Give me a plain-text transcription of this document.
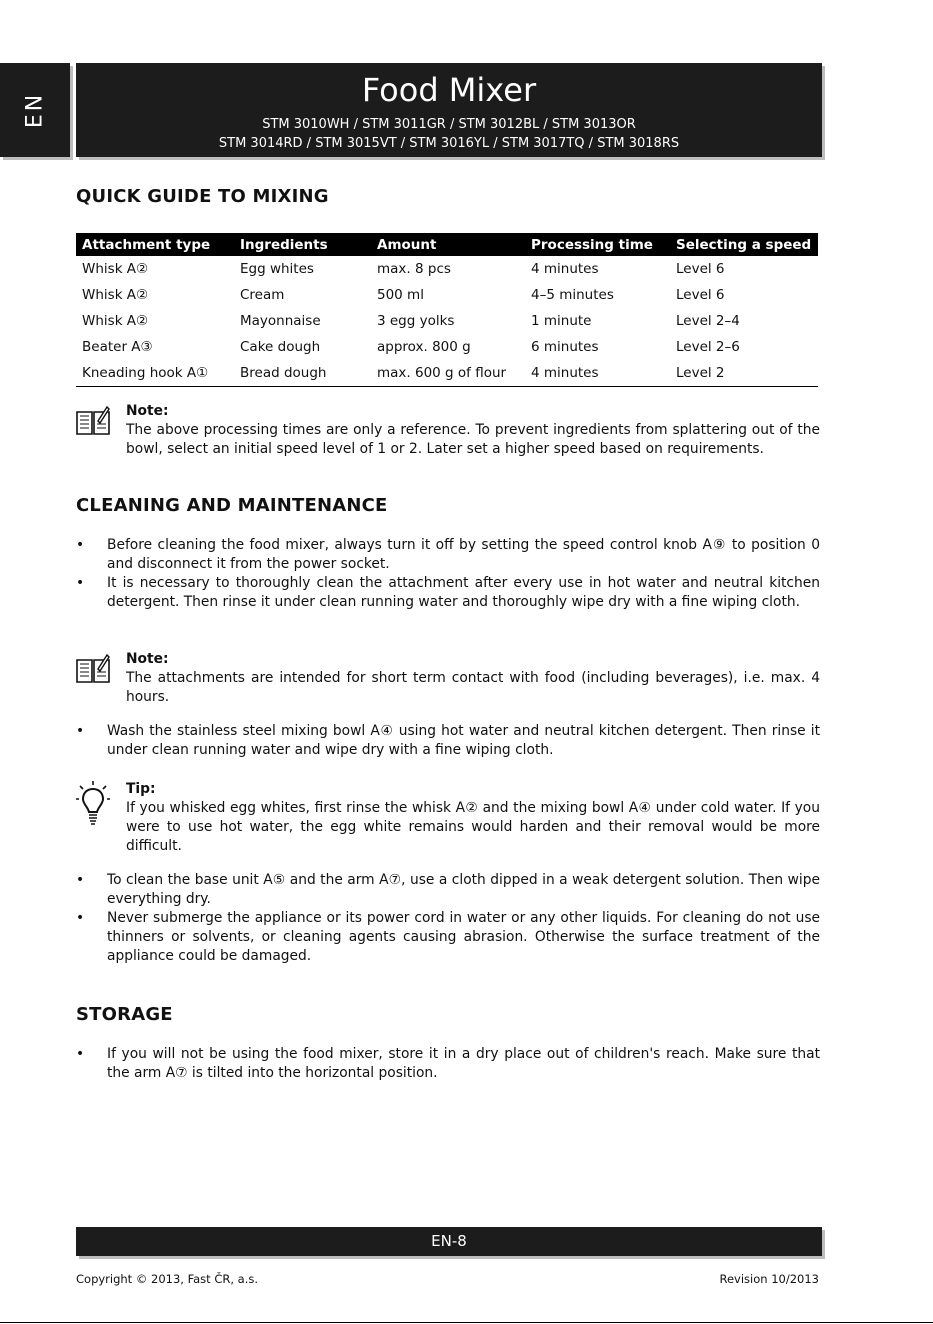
EN
Food Mixer
STM 3010WH / STM 3011GR / STM 3012BL / STM 3013OR
STM 3014RD / STM 3015VT / STM 3016YL / STM 3017TQ / STM 3018RS
QUICK GUIDE TO MIXING
Attachment type	Ingredients	Amount	Processing time	Selecting a speed
Whisk A②	Egg whites	max. 8 pcs	4 minutes	Level 6
Whisk A②	Cream	500 ml	4–5 minutes	Level 6
Whisk A②	Mayonnaise	3 egg yolks	1 minute	Level 2–4
Beater A③	Cake dough	approx. 800 g	6 minutes	Level 2–6
Kneading hook A①	Bread dough	max. 600 g of flour	4 minutes	Level 2
Note:
The above processing times are only a reference. To prevent ingredients from splattering out of the bowl, select an initial speed level of 1 or 2. Later set a higher speed based on requirements.
CLEANING AND MAINTENANCE
• Before cleaning the food mixer, always turn it off by setting the speed control knob A⑨ to position 0 and disconnect it from the power socket.
• It is necessary to thoroughly clean the attachment after every use in hot water and neutral kitchen detergent. Then rinse it under clean running water and thoroughly wipe dry with a fine wiping cloth.
Note:
The attachments are intended for short term contact with food (including beverages), i.e. max. 4 hours.
• Wash the stainless steel mixing bowl A④ using hot water and neutral kitchen detergent. Then rinse it under clean running water and wipe dry with a fine wiping cloth.
Tip:
If you whisked egg whites, first rinse the whisk A② and the mixing bowl A④ under cold water. If you were to use hot water, the egg white remains would harden and their removal would be more difficult.
• To clean the base unit A⑤ and the arm A⑦, use a cloth dipped in a weak detergent solution. Then wipe everything dry.
• Never submerge the appliance or its power cord in water or any other liquids. For cleaning do not use thinners or solvents, or cleaning agents causing abrasion. Otherwise the surface treatment of the appliance could be damaged.
STORAGE
• If you will not be using the food mixer, store it in a dry place out of children's reach. Make sure that the arm A⑦ is tilted into the horizontal position.
EN-8
Copyright © 2013, Fast ČR, a.s.	Revision 10/2013
